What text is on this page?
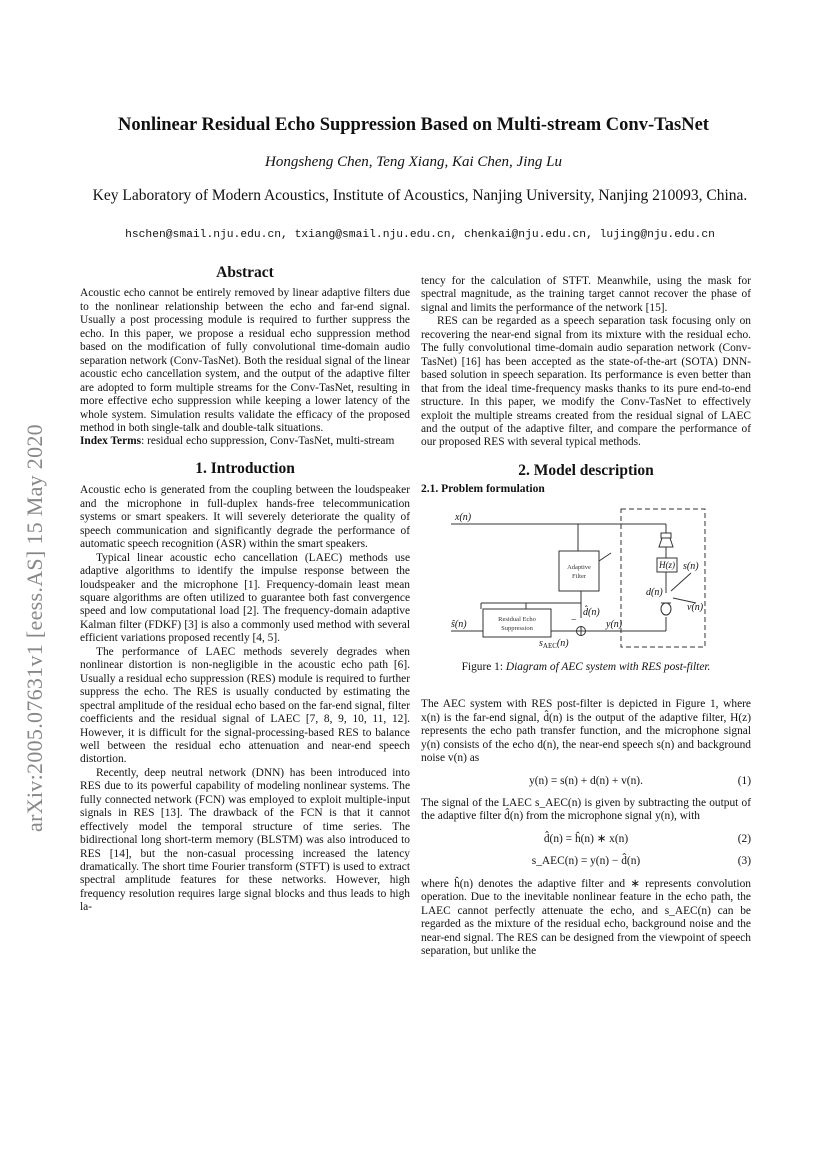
arXiv:2005.07631v1 [eess.AS] 15 May 2020
Nonlinear Residual Echo Suppression Based on Multi-stream Conv-TasNet
Hongsheng Chen, Teng Xiang, Kai Chen, Jing Lu
Key Laboratory of Modern Acoustics, Institute of Acoustics, Nanjing University, Nanjing 210093, China.
hschen@smail.nju.edu.cn, txiang@smail.nju.edu.cn, chenkai@nju.edu.cn, lujing@nju.edu.cn
Abstract

Acoustic echo cannot be entirely removed by linear adaptive filters due to the nonlinear relationship between the echo and far-end signal. Usually a post processing module is required to further suppress the echo. In this paper, we propose a residual echo suppression method based on the modification of fully convolutional time-domain audio separation network (Conv-TasNet). Both the residual signal of the linear acoustic echo cancellation system, and the output of the adaptive filter are adopted to form multiple streams for the Conv-TasNet, resulting in more effective echo suppression while keeping a lower latency of the whole system. Simulation results validate the efficacy of the proposed method in both single-talk and double-talk situations.

Index Terms: residual echo suppression, Conv-TasNet, multi-stream

1. Introduction

Acoustic echo is generated from the coupling between the loudspeaker and the microphone in full-duplex hands-free telecommunication systems or smart speakers. It will severely deteriorate the quality of speech communication and significantly degrade the performance of automatic speech recognition (ASR) within the smart speakers.

Typical linear acoustic echo cancellation (LAEC) methods use adaptive algorithms to identify the impulse response between the loudspeaker and the microphone [1]. Frequency-domain least mean square algorithms are often utilized to guarantee both fast convergence speed and low computational load [2]. The frequency-domain adaptive Kalman filter (FDKF) [3] is also a commonly used method with several efficient variations proposed recently [4, 5].

The performance of LAEC methods severely degrades when nonlinear distortion is non-negligible in the acoustic echo path [6]. Usually a residual echo suppression (RES) module is required to further suppress the echo. The RES is usually conducted by estimating the spectral amplitude of the residual echo based on the far-end signal, filter coefficients and the residual signal of LAEC [7, 8, 9, 10, 11, 12]. However, it is difficult for the signal-processing-based RES to balance well between the residual echo attenuation and near-end speech distortion.

Recently, deep neutral network (DNN) has been introduced into RES due to its powerful capability of modeling nonlinear systems. The fully connected network (FCN) was employed to exploit multiple-input signals in RES [13]. The drawback of the FCN is that it cannot effectively model the temporal structure of time series. The bidirectional long short-term memory (BLSTM) was also introduced to RES [14], but the non-casual processing increased the latency dramatically. The short time Fourier transform (STFT) is used to extract spectral amplitude features for these networks. However, high frequency resolution requires large signal blocks and thus leads to high la-

tency for the calculation of STFT. Meanwhile, using the mask for spectral magnitude, as the training target cannot recover the phase of signal and limits the performance of the network [15].

RES can be regarded as a speech separation task focusing only on recovering the near-end signal from its mixture with the residual echo. The fully convolutional time-domain audio separation network (Conv-TasNet) [16] has been accepted as the state-of-the-art (SOTA) DNN-based solution in speech separation. Its performance is even better than that from the ideal time-frequency masks thanks to its pure end-to-end structure. In this paper, we modify the Conv-TasNet to effectively exploit the multiple streams created from the residual signal of LAEC and the output of the adaptive filter, and compare the performance of our proposed RES with several typical methods.

2. Model description
2.1. Problem formulation
x(n)
ŝ(n)
d̂(n)
y(n)
d(n)
H(z) s(n)
v(n)
$s_{AEC}(n)$
−
Adaptive
Filter
Residual Echo
Suppression

Figure 1: Diagram of AEC system with RES post-filter.

The AEC system with RES post-filter is depicted in Figure 1, where x(n) is the far-end signal, d̂(n) is the output of the adaptive filter, H(z) represents the echo path transfer function, and the microphone signal y(n) consists of the echo d(n), the near-end speech s(n) and background noise v(n) as

y(n) = s(n) + d(n) + v(n).	(1)

The signal of the LAEC s_AEC(n) is given by subtracting the output of the adaptive filter d̂(n) from the microphone signal y(n), with

d̂(n) = ĥ(n) ∗ x(n)	(2)
s_AEC(n) = y(n) − d̂(n)	(3)

where ĥ(n) denotes the adaptive filter and ∗ represents convolution operation. Due to the inevitable nonlinear feature in the echo path, the LAEC cannot perfectly attenuate the echo, and s_AEC(n) can be regarded as the mixture of the residual echo, background noise and the near-end signal. The RES can be designed from the viewpoint of speech separation, but unlike the
